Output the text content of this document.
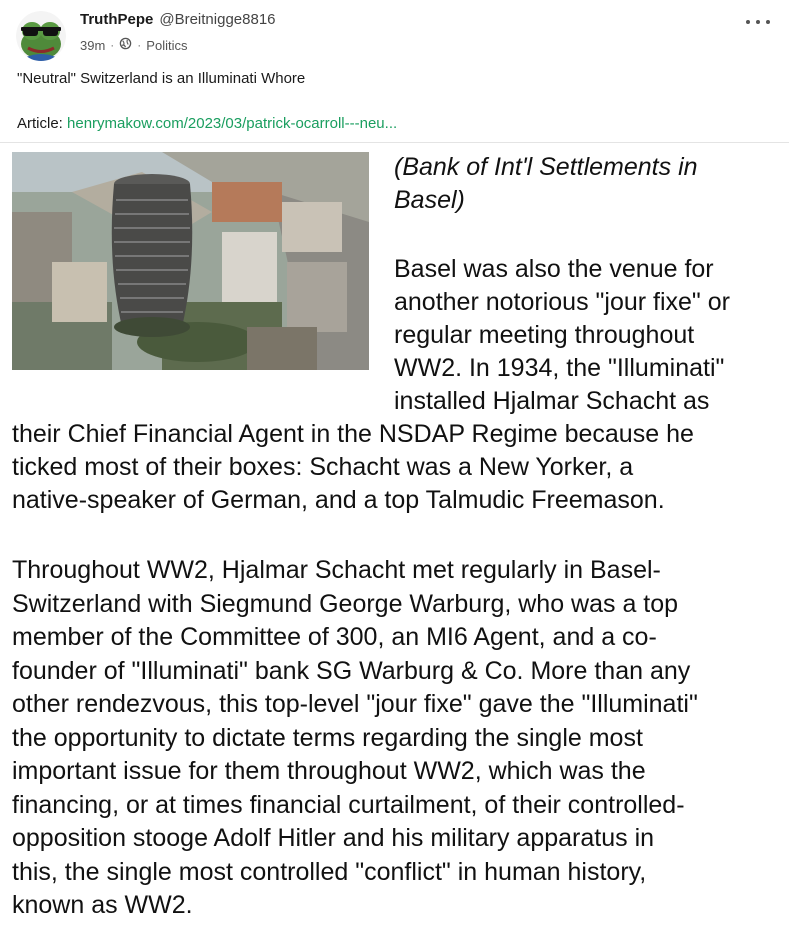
TruthPepe @Breitnigge8816
39m · · Politics
"Neutral" Switzerland is an Illuminati Whore
Article: henrymakow.com/2023/03/patrick-ocarroll---neu...
(Bank of Int'l Settlements in
Basel)
Basel was also the venue for
another notorious "jour fixe" or
regular meeting throughout
WW2. In 1934, the "Illuminati"
installed Hjalmar Schacht as
their Chief Financial Agent in the NSDAP Regime because he
ticked most of their boxes: Schacht was a New Yorker, a
native-speaker of German, and a top Talmudic Freemason.
Throughout WW2, Hjalmar Schacht met regularly in Basel-
Switzerland with Siegmund George Warburg, who was a top
member of the Committee of 300, an MI6 Agent, and a co-
founder of "Illuminati" bank SG Warburg & Co. More than any
other rendezvous, this top-level "jour fixe" gave the "Illuminati"
the opportunity to dictate terms regarding the single most
important issue for them throughout WW2, which was the
financing, or at times financial curtailment, of their controlled-
opposition stooge Adolf Hitler and his military apparatus in
this, the single most controlled "conflict" in human history,
known as WW2.
